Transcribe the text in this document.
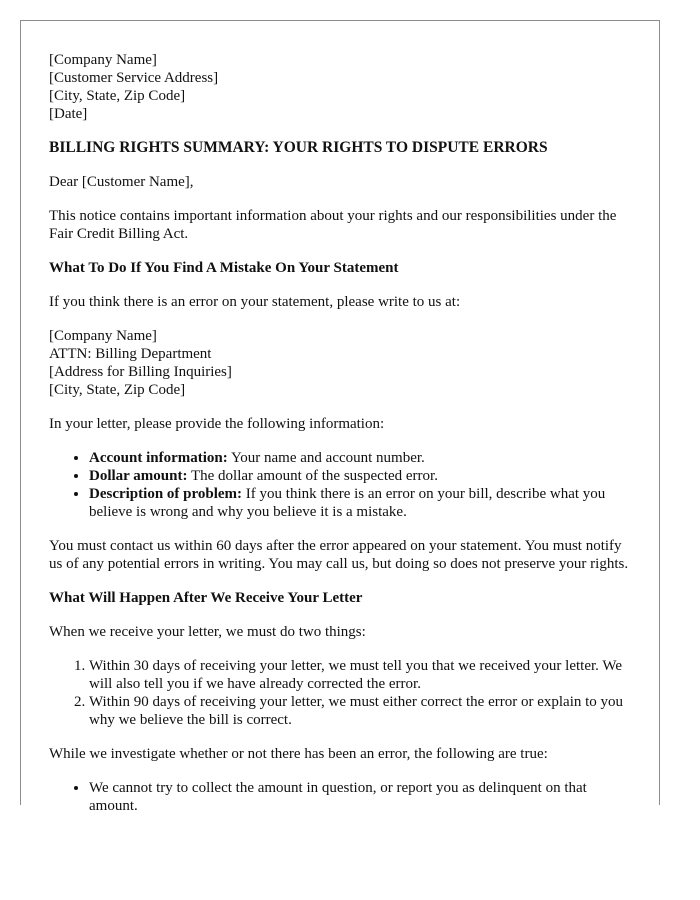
[Company Name]
[Customer Service Address]
[City, State, Zip Code]
[Date]

BILLING RIGHTS SUMMARY: YOUR RIGHTS TO DISPUTE ERRORS

Dear [Customer Name],

This notice contains important information about your rights and our responsibilities under the Fair Credit Billing Act.

What To Do If You Find A Mistake On Your Statement

If you think there is an error on your statement, please write to us at:

[Company Name]
ATTN: Billing Department
[Address for Billing Inquiries]
[City, State, Zip Code]

In your letter, please provide the following information:

• Account information: Your name and account number.
• Dollar amount: The dollar amount of the suspected error.
• Description of problem: If you think there is an error on your bill, describe what you believe is wrong and why you believe it is a mistake.

You must contact us within 60 days after the error appeared on your statement. You must notify us of any potential errors in writing. You may call us, but doing so does not preserve your rights.

What Will Happen After We Receive Your Letter

When we receive your letter, we must do two things:

1. Within 30 days of receiving your letter, we must tell you that we received your letter. We will also tell you if we have already corrected the error.
2. Within 90 days of receiving your letter, we must either correct the error or explain to you why we believe the bill is correct.

While we investigate whether or not there has been an error, the following are true:

• We cannot try to collect the amount in question, or report you as delinquent on that amount.
